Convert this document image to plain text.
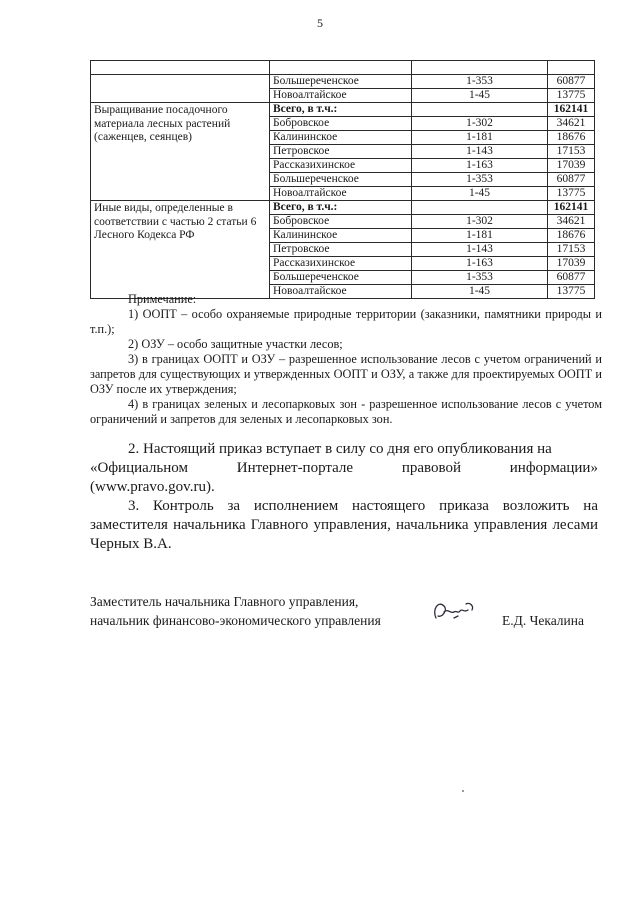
5

	Большереченское	1-353	60877
	Новоалтайское	1-45	13775
Выращивание посадочного материала лесных растений (саженцев, сеянцев)	Всего, в т.ч.:		162141
	Бобровское	1-302	34621
	Калининское	1-181	18676
	Петровское	1-143	17153
	Рассказихинское	1-163	17039
	Большереченское	1-353	60877
	Новоалтайское	1-45	13775
Иные виды, определенные в соответствии с частью 2 статьи 6 Лесного Кодекса РФ	Всего, в т.ч.:		162141
	Бобровское	1-302	34621
	Калининское	1-181	18676
	Петровское	1-143	17153
	Рассказихинское	1-163	17039
	Большереченское	1-353	60877
	Новоалтайское	1-45	13775

Примечание:

1) ООПТ – особо охраняемые природные территории (заказники, памятники природы и т.п.);

2) ОЗУ – особо защитные участки лесов;

3) в границах ООПТ и ОЗУ – разрешенное использование лесов с учетом ограничений и запретов для существующих и утвержденных ООПТ и ОЗУ, а также для проектируемых ООПТ и ОЗУ после их утверждения;

4) в границах зеленых и лесопарковых зон - разрешенное использование лесов с учетом ограничений и запретов для зеленых и лесопарковых зон.

2. Настоящий приказ вступает в силу со дня его опубликования на

«Официальном	Интернет-портале	правовой	информации»
(www.pravo.gov.ru).

3. Контроль за исполнением настоящего приказа возложить на заместителя начальника Главного управления, начальника управления лесами Черных В.А.

Заместитель начальника Главного управления,
начальник финансово-экономического управления	Е.Д. Чекалина
